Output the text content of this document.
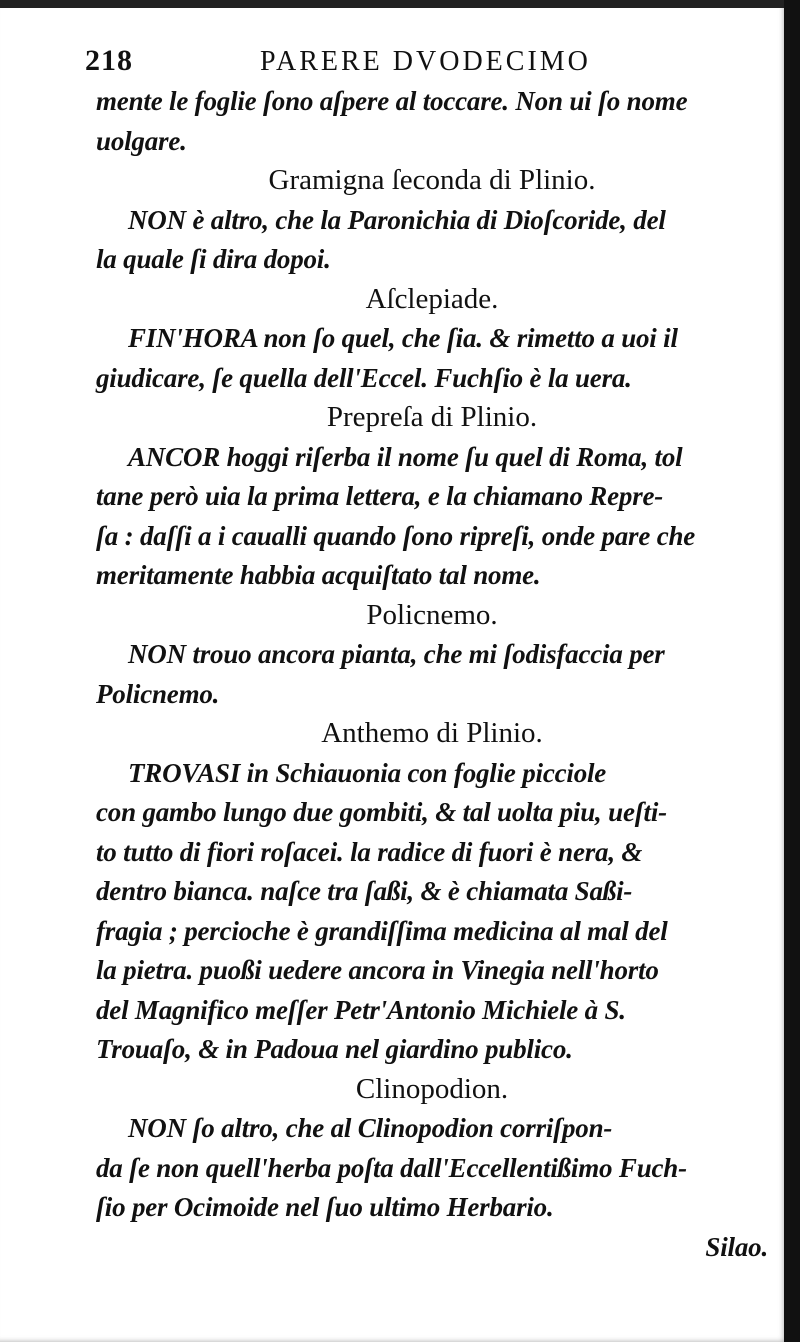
218	PARERE DVODECIMO
mente le foglie ſono aſpere al toccare. Non ui ſo nome
uolgare.
Gramigna ſeconda di Plinio.
NON è altro, che la Paronichia di Dioſcoride, del
la quale ſi dira dopoi.
Aſclepiade.
FIN'HORA non ſo quel, che ſia. & rimetto a uoi il
giudicare, ſe quella dell'Eccel. Fuchſio è la uera.
Prepreſa di Plinio.
ANCOR hoggi riſerba il nome ſu quel di Roma, tol
tane però uia la prima lettera, e la chiamano Repre-
ſa : daſſi a i caualli quando ſono ripreſi, onde pare che
meritamente habbia acquiſtato tal nome.
Policnemo.
NON trouo ancora pianta, che mi ſodisfaccia per
Policnemo.
Anthemo di Plinio.
TROVASI in Schiauonia con foglie picciole
con gambo lungo due gombiti, & tal uolta piu, ueſti-
to tutto di fiori roſacei. la radice di fuori è nera, &
dentro bianca. naſce tra ſaßi, & è chiamata Saßi-
fragia ; percioche è grandiſſima medicina al mal del
la pietra. puoßi uedere ancora in Vinegia nell'horto
del Magnifico meſſer Petr'Antonio Michiele à S.
Trouaſo, & in Padoua nel giardino publico.
Clinopodion.
NON ſo altro, che al Clinopodion corriſpon-
da ſe non quell'herba poſta dall'Eccellentißimo Fuch-
ſio per Ocimoide nel ſuo ultimo Herbario.
Silao.
